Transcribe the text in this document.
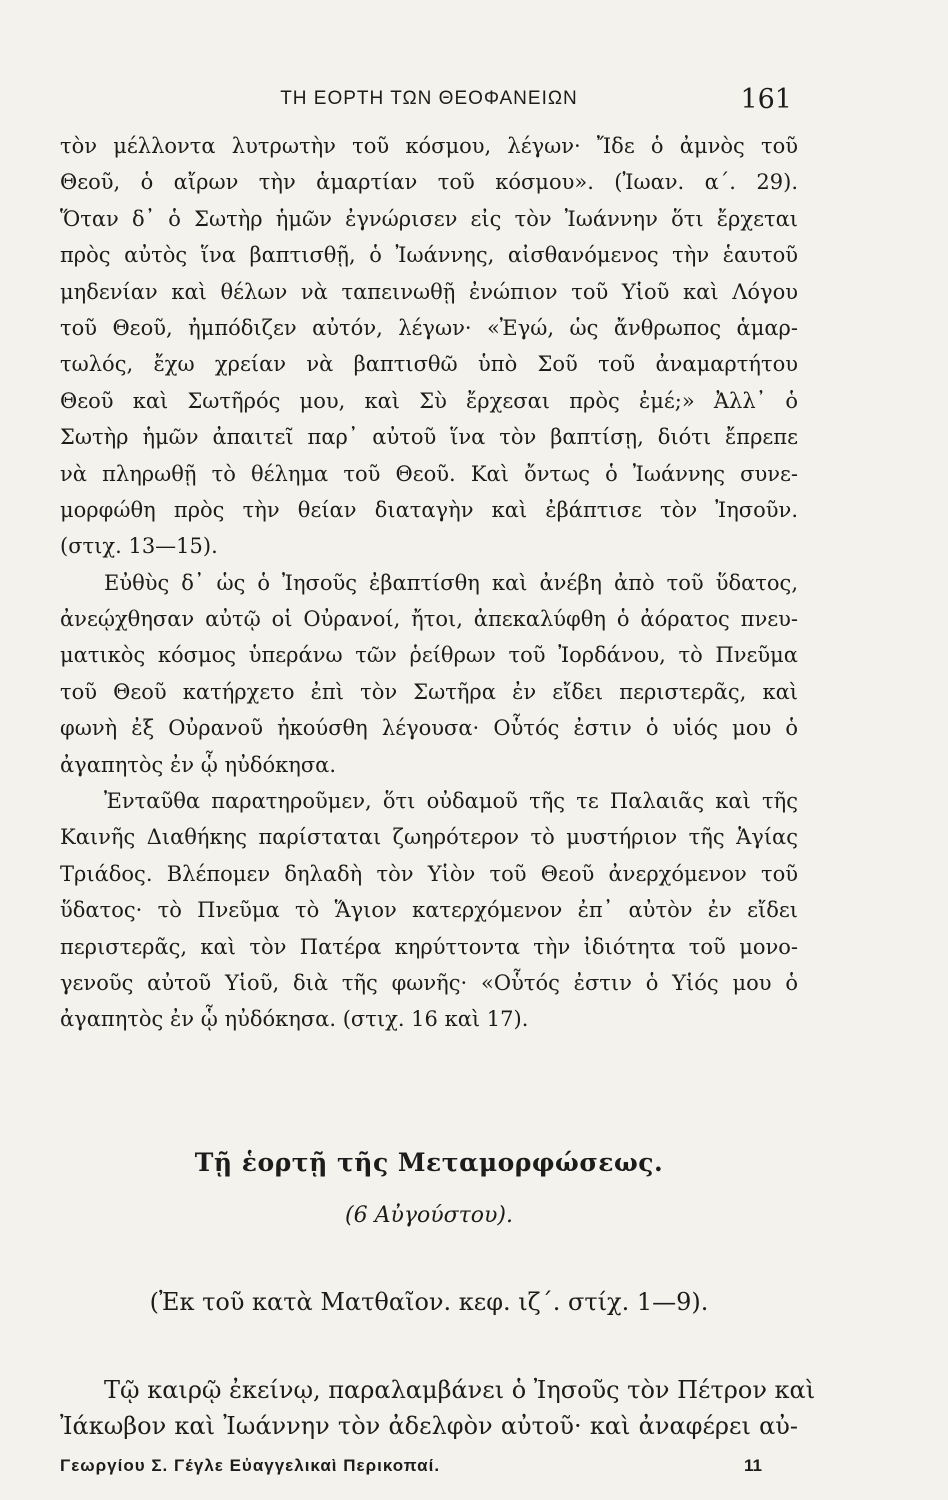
ΤΗ ΕΟΡΤΗ ΤΩΝ ΘΕΟΦΑΝΕΙΩΝ	161
τὸν μέλλοντα λυτρωτὴν τοῦ κόσμου, λέγων· Ἴδε ὁ ἀμνὸς τοῦ
Θεοῦ, ὁ αἴρων τὴν ἁμαρτίαν τοῦ κόσμου». (Ἰωαν. α΄. 29).
Ὅταν δ᾽ ὁ Σωτὴρ ἡμῶν ἐγνώρισεν εἰς τὸν Ἰωάννην ὅτι ἔρχεται
πρὸς αὐτὸς ἵνα βαπτισθῇ, ὁ Ἰωάννης, αἰσθανόμενος τὴν ἑαυτοῦ
μηδενίαν καὶ θέλων νὰ ταπεινωθῇ ἐνώπιον τοῦ Υἱοῦ καὶ Λόγου
τοῦ Θεοῦ, ἠμπόδιζεν αὐτόν, λέγων· «Ἐγώ, ὡς ἄνθρωπος ἁμαρ-
τωλός, ἔχω χρείαν νὰ βαπτισθῶ ὑπὸ Σοῦ τοῦ ἀναμαρτήτου
Θεοῦ καὶ Σωτῆρός μου, καὶ Σὺ ἔρχεσαι πρὸς ἐμέ;» Ἀλλ᾽ ὁ
Σωτὴρ ἡμῶν ἀπαιτεῖ παρ᾽ αὐτοῦ ἵνα τὸν βαπτίσῃ, διότι ἔπρεπε
νὰ πληρωθῇ τὸ θέλημα τοῦ Θεοῦ. Καὶ ὄντως ὁ Ἰωάννης συνε-
μορφώθη πρὸς τὴν θείαν διαταγὴν καὶ ἐβάπτισε τὸν Ἰησοῦν.
(στιχ. 13—15).
Εὐθὺς δ᾽ ὡς ὁ Ἰησοῦς ἐβαπτίσθη καὶ ἀνέβη ἀπὸ τοῦ ὕδατος,
ἀνεῴχθησαν αὐτῷ οἱ Οὐρανοί, ἤτοι, ἀπεκαλύφθη ὁ ἀόρατος πνευ-
ματικὸς κόσμος ὑπεράνω τῶν ῥείθρων τοῦ Ἰορδάνου, τὸ Πνεῦμα
τοῦ Θεοῦ κατήρχετο ἐπὶ τὸν Σωτῆρα ἐν εἴδει περιστερᾶς, καὶ
φωνὴ ἐξ Οὐρανοῦ ἠκούσθη λέγουσα· Οὗτός ἐστιν ὁ υἱός μου ὁ
ἀγαπητὸς ἐν ᾧ ηὐδόκησα.
Ἐνταῦθα παρατηροῦμεν, ὅτι οὐδαμοῦ τῆς τε Παλαιᾶς καὶ τῆς
Καινῆς Διαθήκης παρίσταται ζωηρότερον τὸ μυστήριον τῆς Ἁγίας
Τριάδος. Βλέπομεν δηλαδὴ τὸν Υἱὸν τοῦ Θεοῦ ἀνερχόμενον τοῦ
ὕδατος· τὸ Πνεῦμα τὸ Ἅγιον κατερχόμενον ἐπ᾽ αὐτὸν ἐν εἴδει
περιστερᾶς, καὶ τὸν Πατέρα κηρύττοντα τὴν ἰδιότητα τοῦ μονο-
γενοῦς αὐτοῦ Υἱοῦ, διὰ τῆς φωνῆς· «Οὗτός ἐστιν ὁ Υἱός μου ὁ
ἀγαπητὸς ἐν ᾧ ηὐδόκησα. (στιχ. 16 καὶ 17).
Τῇ ἑορτῇ τῆς Μεταμορφώσεως.
(6 Αὐγούστου).
(Ἐκ τοῦ κατὰ Ματθαῖον. κεφ. ιζ΄. στίχ. 1—9).
Τῷ καιρῷ ἐκείνῳ, παραλαμβάνει ὁ Ἰησοῦς τὸν Πέτρον καὶ
Ἰάκωβον καὶ Ἰωάννην τὸν ἀδελφὸν αὐτοῦ· καὶ ἀναφέρει αὐ-
Γεωργίου Σ. Γέγλε Εὐαγγελικαὶ Περικοπαί.	11
